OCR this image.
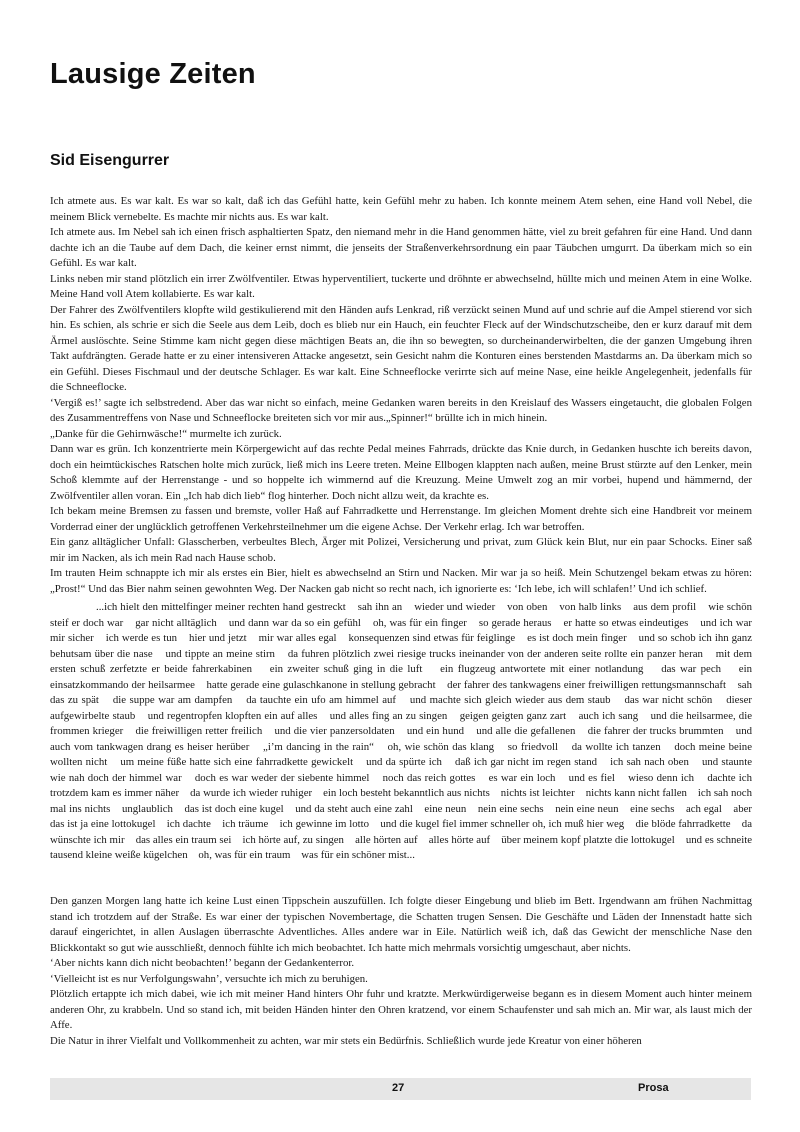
Lausige Zeiten
Sid Eisengurrer

Ich atmete aus. Es war kalt. Es war so kalt, daß ich das Gefühl hatte, kein Gefühl mehr zu haben. Ich konnte meinem Atem sehen, eine Hand voll Nebel, die meinem Blick vernebelte. Es machte mir nichts aus. Es war kalt.

Ich atmete aus. Im Nebel sah ich einen frisch asphaltierten Spatz, den niemand mehr in die Hand genommen hätte, viel zu breit gefahren für eine Hand. Und dann dachte ich an die Taube auf dem Dach, die keiner ernst nimmt, die jenseits der Straßenverkehrsordnung ein paar Täubchen umgurrt. Da überkam mich so ein Gefühl. Es war kalt.

Links neben mir stand plötzlich ein irrer Zwölfventiler. Etwas hyperventiliert, tuckerte und dröhnte er abwechselnd, hüllte mich und meinen Atem in eine Wolke. Meine Hand voll Atem kollabierte. Es war kalt.

Der Fahrer des Zwölfventilers klopfte wild gestikulierend mit den Händen aufs Lenkrad, riß verzückt seinen Mund auf und schrie auf die Ampel stierend vor sich hin. Es schien, als schrie er sich die Seele aus dem Leib, doch es blieb nur ein Hauch, ein feuchter Fleck auf der Windschutzscheibe, den er kurz darauf mit dem Ärmel auslöschte. Seine Stimme kam nicht gegen diese mächtigen Beats an, die ihn so bewegten, so durcheinanderwirbelten, die der ganzen Umgebung ihren Takt aufdrängten. Gerade hatte er zu einer intensiveren Attacke angesetzt, sein Gesicht nahm die Konturen eines berstenden Mastdarms an. Da überkam mich so ein Gefühl. Dieses Fischmaul und der deutsche Schlager. Es war kalt. Eine Schneeflocke verirrte sich auf meine Nase, eine heikle Angelegenheit, jedenfalls für die Schneeflocke.

‘Vergiß es!’ sagte ich selbstredend. Aber das war nicht so einfach, meine Gedanken waren bereits in den Kreislauf des Wassers eingetaucht, die globalen Folgen des Zusammentreffens von Nase und Schneeflocke breiteten sich vor mir aus.„Spinner!“ brüllte ich in mich hinein.

„Danke für die Gehirnwäsche!“ murmelte ich zurück.

Dann war es grün. Ich konzentrierte mein Körpergewicht auf das rechte Pedal meines Fahrrads, drückte das Knie durch, in Gedanken huschte ich bereits davon, doch ein heimtückisches Ratschen holte mich zurück, ließ mich ins Leere treten. Meine Ellbogen klappten nach außen, meine Brust stürzte auf den Lenker, mein Schoß klemmte auf der Herrenstange - und so hoppelte ich wimmernd auf die Kreuzung. Meine Umwelt zog an mir vorbei, hupend und hämmernd, der Zwölfventiler allen voran. Ein „Ich hab dich lieb“ flog hinterher. Doch nicht allzu weit, da krachte es.

Ich bekam meine Bremsen zu fassen und bremste, voller Haß auf Fahrradkette und Herrenstange. Im gleichen Moment drehte sich eine Handbreit vor meinem Vorderrad einer der unglücklich getroffenen Verkehrsteilnehmer um die eigene Achse. Der Verkehr erlag. Ich war betroffen.

Ein ganz alltäglicher Unfall: Glasscherben, verbeultes Blech, Ärger mit Polizei, Versicherung und privat, zum Glück kein Blut, nur ein paar Schocks. Einer saß mir im Nacken, als ich mein Rad nach Hause schob.

Im trauten Heim schnappte ich mir als erstes ein Bier, hielt es abwechselnd an Stirn und Nacken. Mir war ja so heiß. Mein Schutzengel bekam etwas zu hören: „Prost!“ Und das Bier nahm seinen gewohnten Weg. Der Nacken gab nicht so recht nach, ich ignorierte es: ‘Ich lebe, ich will schlafen!’ Und ich schlief.

...ich hielt den mittelfinger meiner rechten hand gestreckt    sah ihn an    wieder und wieder    von oben    von halb links    aus dem profil    wie schön steif er doch war    gar nicht alltäglich    und dann war da so ein gefühl    oh, was für ein finger    so gerade heraus    er hatte so etwas eindeutiges    und ich war mir sicher    ich werde es tun    hier und jetzt    mir war alles egal    konsequenzen sind etwas für feiglinge    es ist doch mein finger    und so schob ich ihn ganz behutsam über die nase    und tippte an meine stirn    da fuhren plötzlich zwei riesige trucks ineinander von der anderen seite rollte ein panzer heran    mit dem ersten schuß zerfetzte er beide fahrerkabinen    ein zweiter schuß ging in die luft    ein flugzeug antwortete mit einer notlandung    das war pech    ein einsatzkommando der heilsarmee    hatte gerade eine gulaschkanone in stellung gebracht    der fahrer des tankwagens einer freiwilligen rettungsmannschaft    sah das zu spät    die suppe war am dampfen    da tauchte ein ufo am himmel auf    und machte sich gleich wieder aus dem staub    das war nicht schön    dieser aufgewirbelte staub    und regentropfen klopften ein auf alles    und alles fing an zu singen    geigen geigten ganz zart    auch ich sang    und die heilsarmee, die frommen krieger    die freiwilligen retter freilich    und die vier panzersoldaten    und ein hund    und alle die gefallenen    die fahrer der trucks brummten    und auch vom tankwagen drang es heiser herüber    „i’m dancing in the rain“    oh, wie schön das klang    so friedvoll    da wollte ich tanzen    doch meine beine wollten nicht    um meine füße hatte sich eine fahrradkette gewickelt    und da spürte ich    daß ich gar nicht im regen stand    ich sah nach oben    und staunte    wie nah doch der himmel war    doch es war weder der siebente himmel    noch das reich gottes    es war ein loch    und es fiel    wieso denn ich    dachte ich    trotzdem kam es immer näher    da wurde ich wieder ruhiger    ein loch besteht bekanntlich aus nichts    nichts ist leichter    nichts kann nicht fallen    ich sah noch mal ins nichts    unglaublich    das ist doch eine kugel    und da steht auch eine zahl    eine neun    nein eine sechs    nein eine neun    eine sechs    ach egal    aber das ist ja eine lottokugel    ich dachte    ich träume    ich gewinne im lotto    und die kugel fiel immer schneller oh, ich muß hier weg    die blöde fahrradkette    da wünschte ich mir    das alles ein traum sei    ich hörte auf, zu singen    alle hörten auf    alles hörte auf    über meinem kopf platzte die lottokugel    und es schneite tausend kleine weiße kügelchen    oh, was für ein traum    was für ein schöner mist...

Den ganzen Morgen lang hatte ich keine Lust einen Tippschein auszufüllen. Ich folgte dieser Eingebung und blieb im Bett. Irgendwann am frühen Nachmittag stand ich trotzdem auf der Straße. Es war einer der typischen Novembertage, die Schatten trugen Sensen. Die Geschäfte und Läden der Innenstadt hatte sich darauf eingerichtet, in allen Auslagen überraschte Adventliches. Alles andere war in Eile. Natürlich weiß ich, daß das Gewicht der menschliche Nase den Blickkontakt so gut wie ausschließt, dennoch fühlte ich mich beobachtet. Ich hatte mich mehrmals vorsichtig umgeschaut, aber nichts.

‘Aber nichts kann dich nicht beobachten!’ begann der Gedankenterror.

‘Vielleicht ist es nur Verfolgungswahn’, versuchte ich mich zu beruhigen.

Plötzlich ertappte ich mich dabei, wie ich mit meiner Hand hinters Ohr fuhr und kratzte. Merkwürdigerweise begann es in diesem Moment auch hinter meinem anderen Ohr, zu krabbeln. Und so stand ich, mit beiden Händen hinter den Ohren kratzend, vor einem Schaufenster und sah mich an. Mir war, als laust mich der Affe.

Die Natur in ihrer Vielfalt und Vollkommenheit zu achten, war mir stets ein Bedürfnis. Schließlich wurde jede Kreatur von einer höheren

27	Prosa
